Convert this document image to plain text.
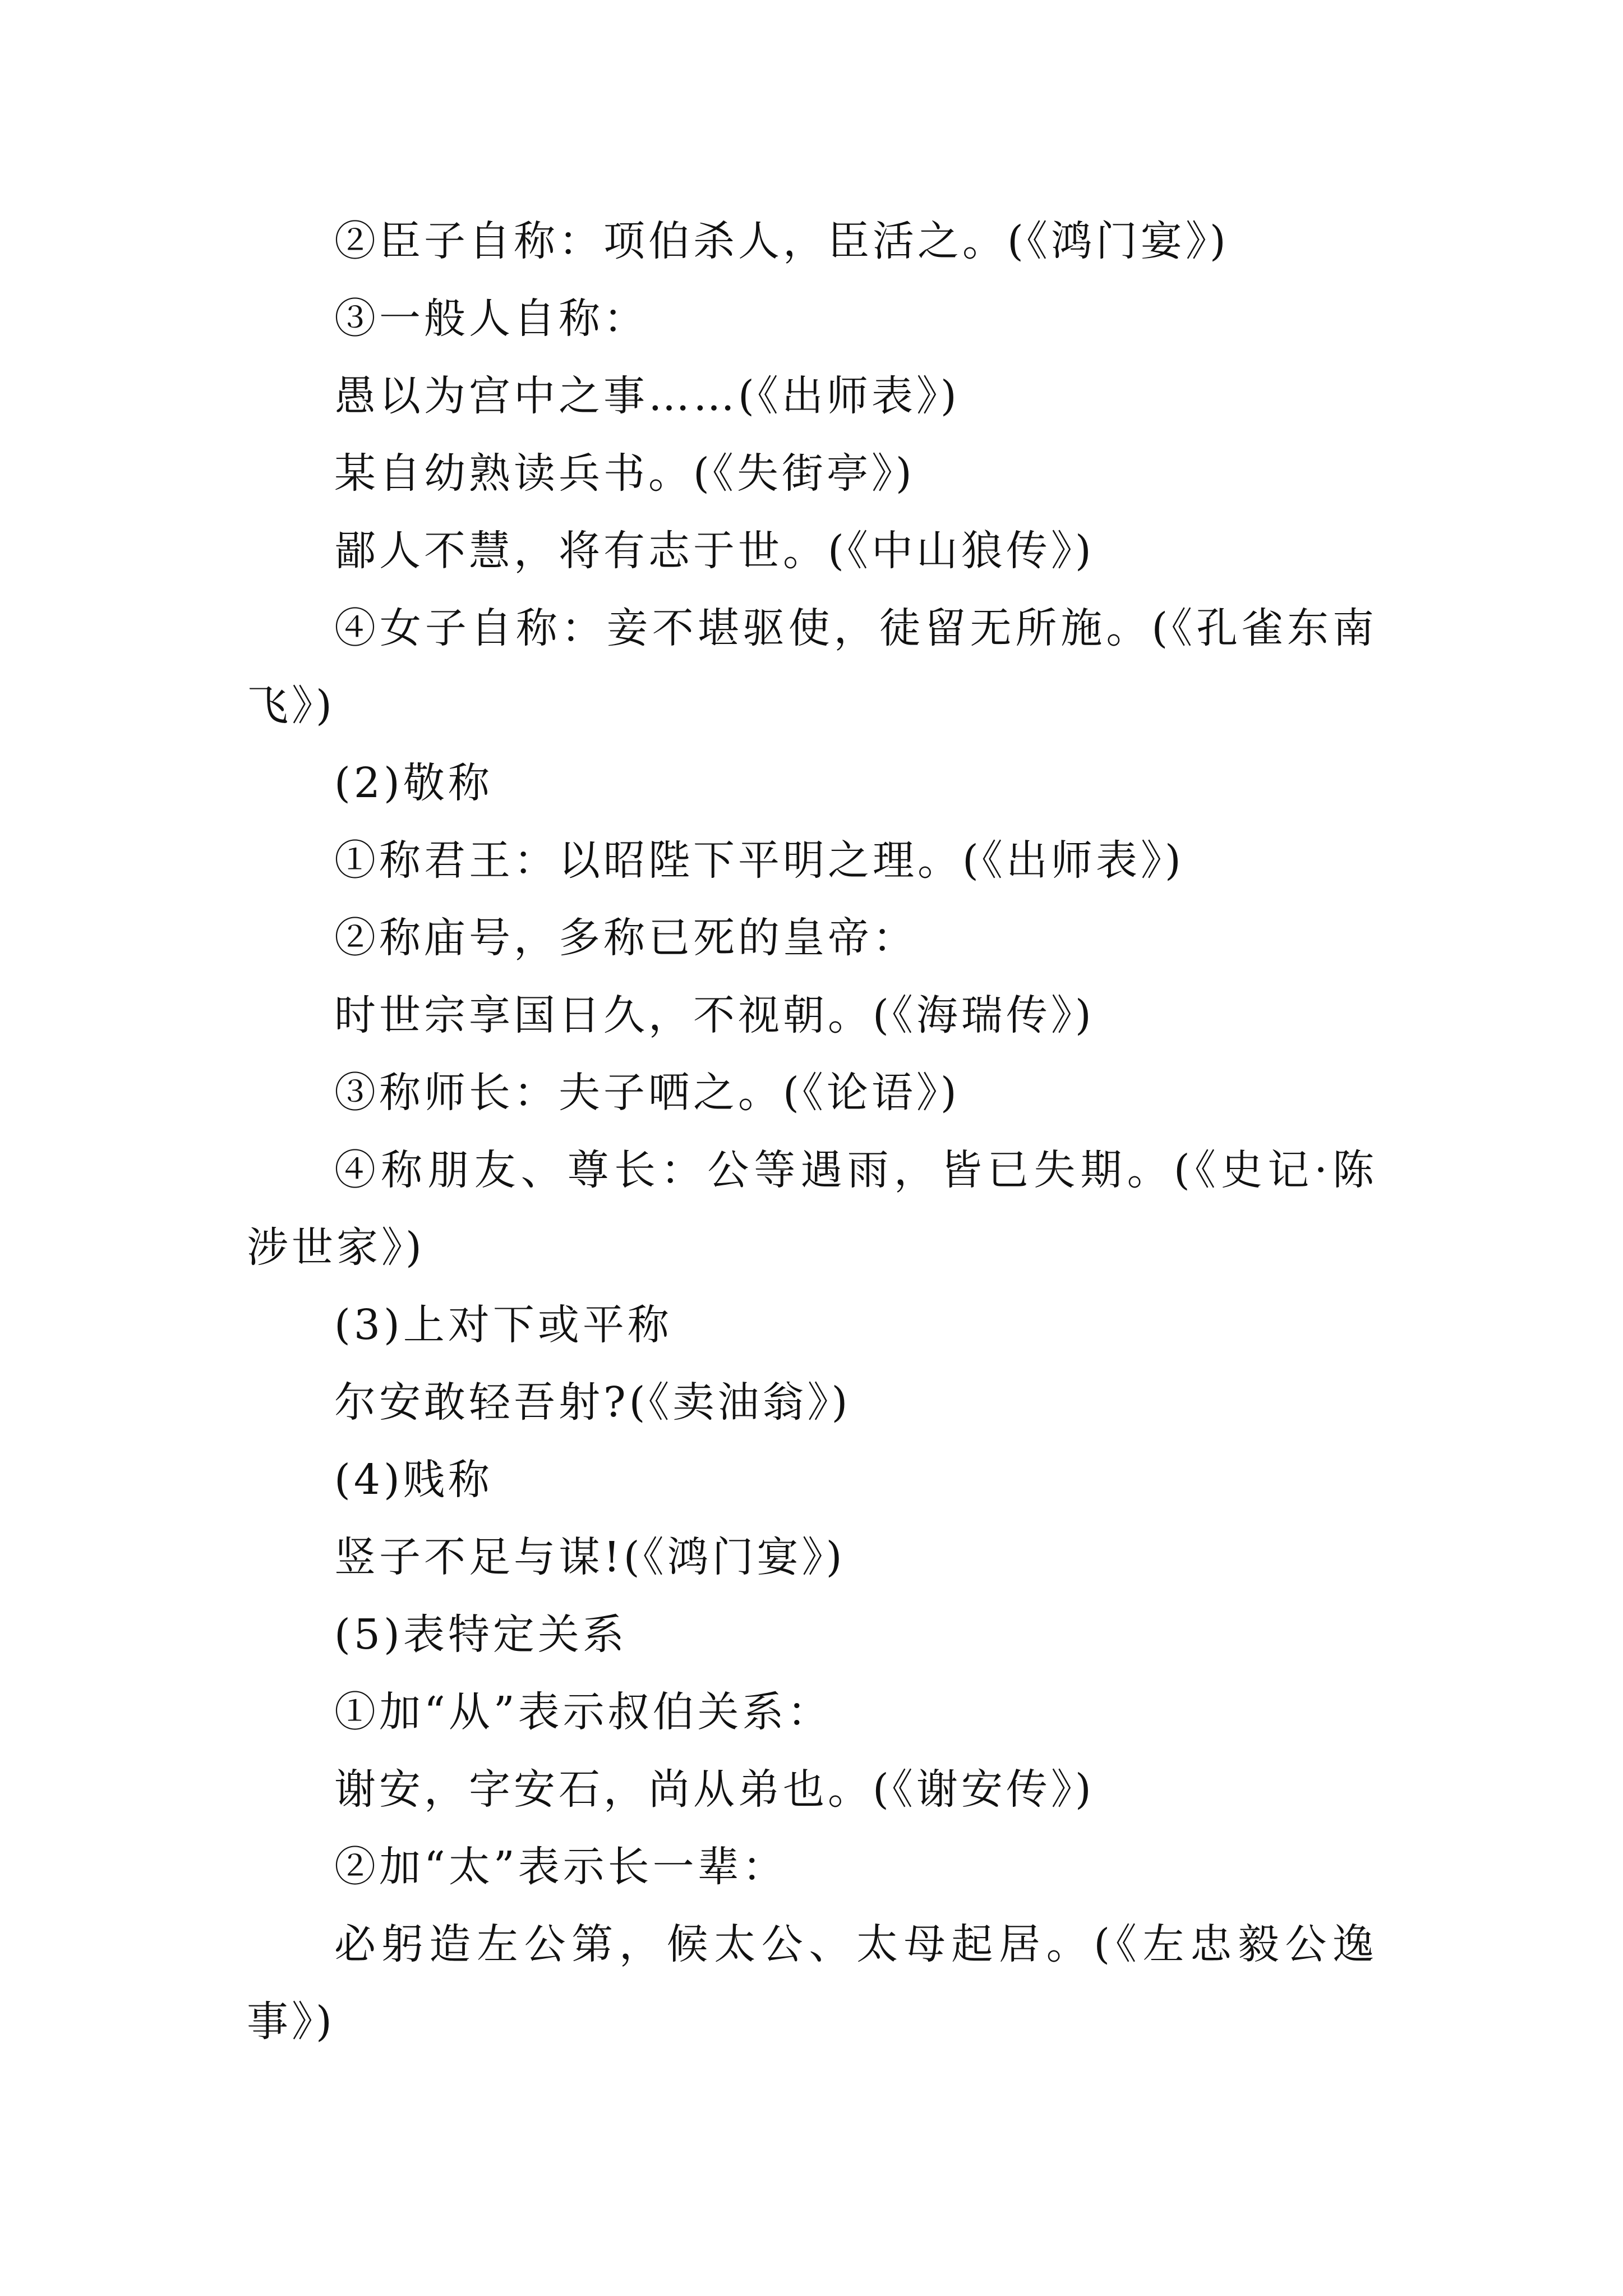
②臣子自称：项伯杀人，臣活之。(《鸿门宴》)
③一般人自称：
愚以为宫中之事……(《出师表》)
某自幼熟读兵书。(《失街亭》)
鄙人不慧，将有志于世。(《中山狼传》)
④女子自称：妾不堪驱使，徒留无所施。(《孔雀东南
飞》)
(2)敬称
①称君王：以昭陛下平明之理。(《出师表》)
②称庙号，多称已死的皇帝：
时世宗享国日久，不视朝。(《海瑞传》)
③称师长：夫子哂之。(《论语》)
④称朋友、尊长：公等遇雨，皆已失期。(《史记·陈
涉世家》)
(3)上对下或平称
尔安敢轻吾射?(《卖油翁》)
(4)贱称
竖子不足与谋!(《鸿门宴》)
(5)表特定关系
①加“从”表示叔伯关系：
谢安，字安石，尚从弟也。(《谢安传》)
②加“太”表示长一辈：
必躬造左公第，候太公、太母起居。(《左忠毅公逸
事》)
